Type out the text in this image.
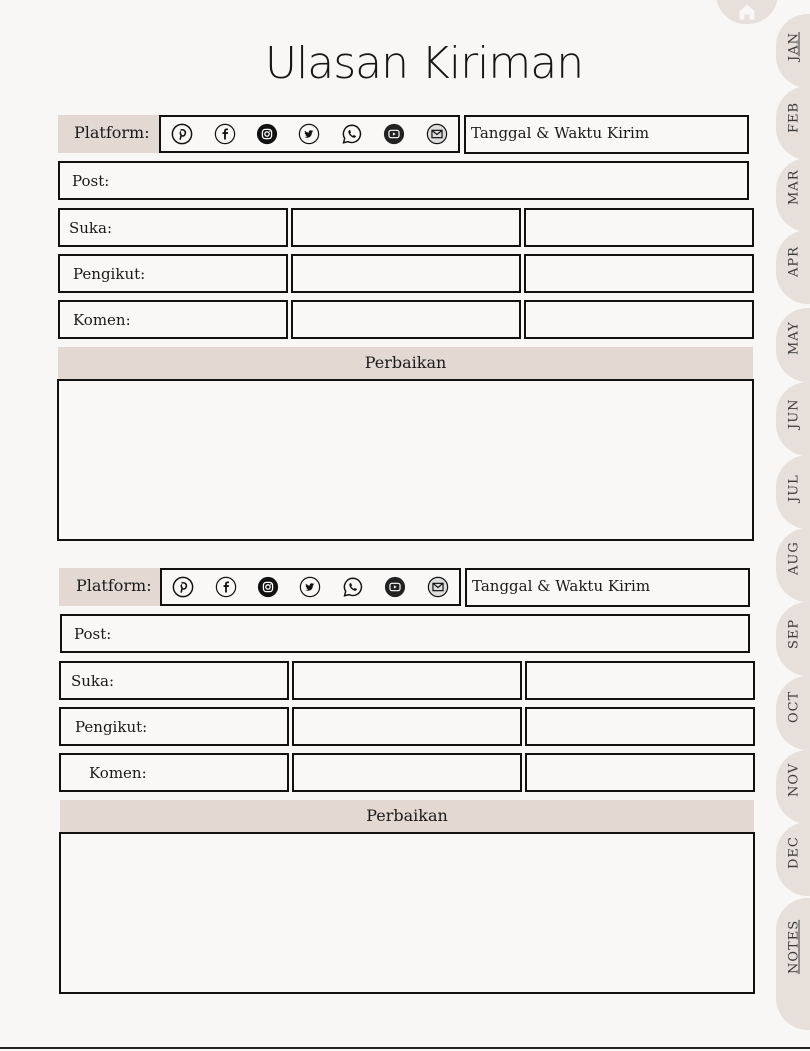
Ulasan Kiriman
Platform:	Tanggal & Waktu Kirim
Post:
Suka:
Pengikut:
Komen:
Perbaikan
Platform:	Tanggal & Waktu Kirim
Post:
Suka:
Pengikut:
Komen:
Perbaikan
JAN
FEB
MAR
APR
MAY
JUN
JUL
AUG
SEP
OCT
NOV
DEC
NOTES
